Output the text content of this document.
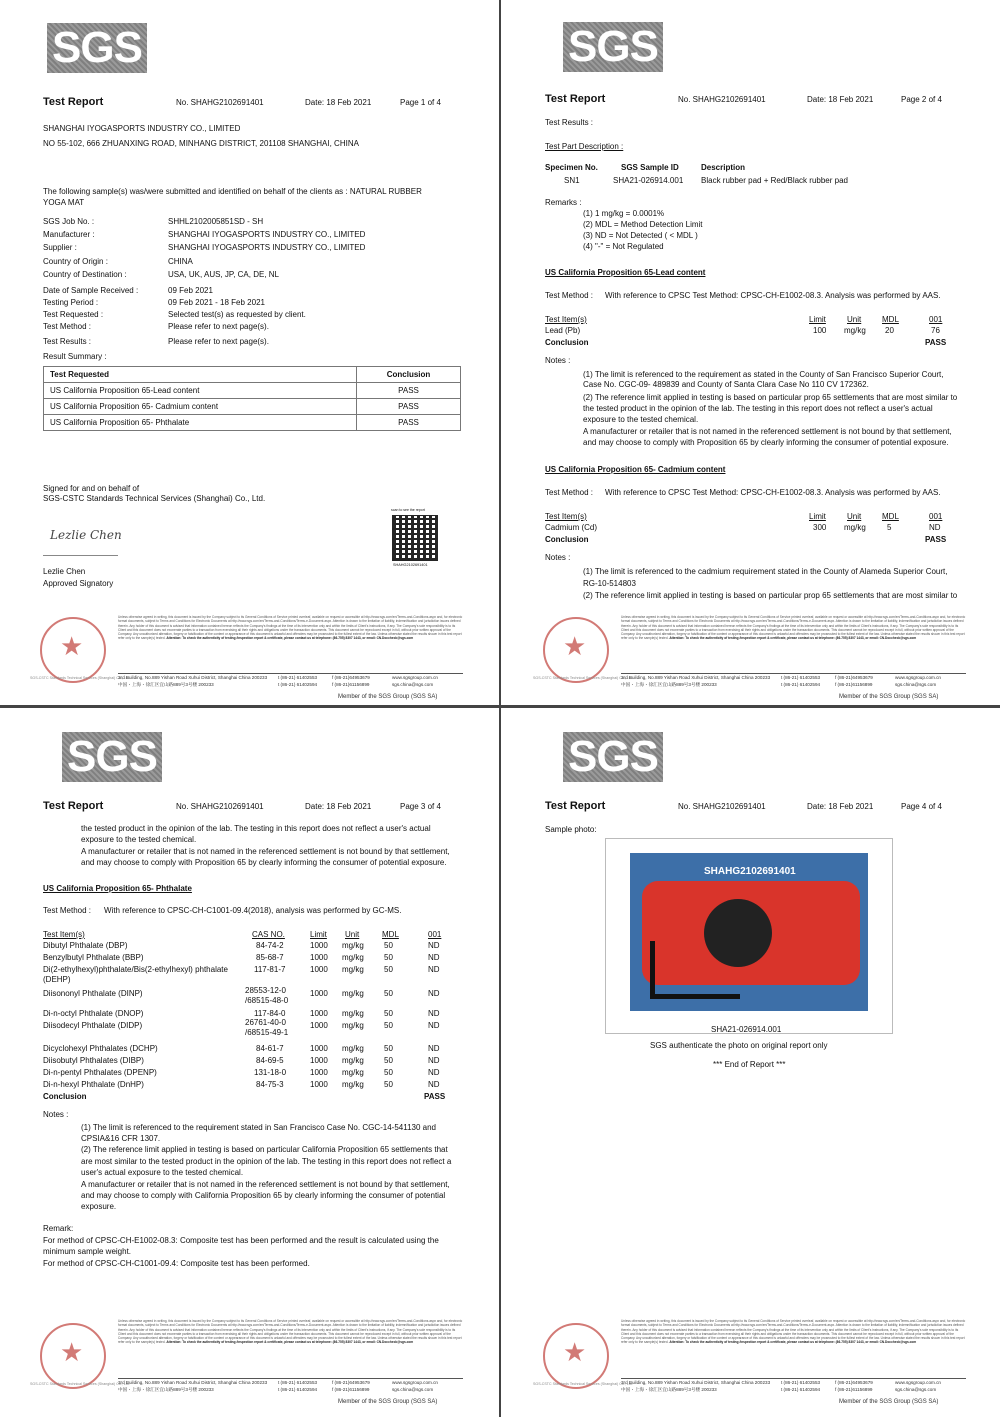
SGS
Test Report	No. SHAHG2102691401	Date: 18 Feb 2021	Page 1 of 4
SHANGHAI IYOGASPORTS INDUSTRY CO., LIMITED
NO 55-102, 666 ZHUANXING ROAD, MINHANG DISTRICT, 201108 SHANGHAI, CHINA
The following sample(s) was/were submitted and identified on behalf of the clients as : NATURAL RUBBER
YOGA MAT
SGS Job No. :	SHHL2102005851SD - SH
Manufacturer :	SHANGHAI IYOGASPORTS INDUSTRY CO., LIMITED
Supplier :	SHANGHAI IYOGASPORTS INDUSTRY CO., LIMITED
Country of Origin :	CHINA
Country of Destination :	USA, UK, AUS, JP, CA, DE, NL
Date of Sample Received :	09 Feb 2021
Testing Period :	09 Feb 2021 - 18 Feb 2021
Test Requested :	Selected test(s) as requested by client.
Test Method :	Please refer to next page(s).
Test Results :	Please refer to next page(s).
Result Summary :
Test Requested	Conclusion
US California Proposition 65-Lead content	PASS
US California Proposition 65- Cadmium content	PASS
US California Proposition 65- Phthalate	PASS
Signed for and on behalf of
SGS-CSTC Standards Technical Services (Shanghai) Co., Ltd.
Lezlie Chen
Lezlie Chen
Approved Signatory
scan to see the report
SHAHG2102691401
★
Unless otherwise agreed in writing, this document is issued by the Company subject to its General Conditions of Service printed overleaf, available on request or accessible at http://www.sgs.com/en/Terms-and-Conditions.aspx and, for electronic format documents, subject to Terms and Conditions for Electronic Documents at http://www.sgs.com/en/Terms-and-Conditions/Terms-e-Document.aspx. Attention is drawn to the limitation of liability, indemnification and jurisdiction issues defined therein. Any holder of this document is advised that information contained hereon reflects the Company's findings at the time of its intervention only and within the limits of Client's instructions, if any. The Company's sole responsibility is to its Client and this document does not exonerate parties to a transaction from exercising all their rights and obligations under the transaction documents. This document cannot be reproduced except in full, without prior written approval of the Company. Any unauthorized alteration, forgery or falsification of the content or appearance of this document is unlawful and offenders may be prosecuted to the fullest extent of the law. Unless otherwise stated the results shown in this test report refer only to the sample(s) tested. Attention: To check the authenticity of testing /inspection report & certificate, please contact us at telephone: (86-755) 8307 1443, or email: CN.Doccheck@sgs.com
SGS-CSTC Standards Technical Services (Shanghai) Co., Ltd.
3rd Building, No.889 Yishan Road Xuhui District, Shanghai China 200233
中国・上海・徐汇区宜山路889号3号楼 200233
t (86-21) 61402553
t (86-21) 61402594
f (86-21)64953679
f (86-21)61156899
www.sgsgroup.com.cn
sgs.china@sgs.com
Member of the SGS Group (SGS SA)
SGS
Test Report	No. SHAHG2102691401	Date: 18 Feb 2021	Page 2 of 4
Test Results :
Test Part Description :
Specimen No.	SGS Sample ID	Description
SN1	SHA21-026914.001 Black rubber pad + Red/Black rubber pad
Remarks :
(1) 1 mg/kg = 0.0001%
(2) MDL = Method Detection Limit
(3) ND = Not Detected ( < MDL )
(4) "-" = Not Regulated
US California Proposition 65-Lead content
Test Method : With reference to CPSC Test Method: CPSC-CH-E1002-08.3. Analysis was performed by AAS.
Test Item(s)	Limit	Unit	MDL	001
Lead (Pb)	100 mg/kg 20	76
Conclusion	PASS
Notes :
(1) The limit is referenced to the requirement as stated in the County of San Francisco Superior Court,
Case No. CGC-09- 489839 and County of Santa Clara Case No 110 CV 172362.
(2) The reference limit applied in testing is based on particular prop 65 settlements that are most similar to
the tested product in the opinion of the lab. The testing in this report does not reflect a user's actual
exposure to the tested chemical.
A manufacturer or retailer that is not named in the referenced settlement is not bound by that settlement,
and may choose to comply with Proposition 65 by clearly informing the consumer of potential exposure.
US California Proposition 65- Cadmium content
Test Method : With reference to CPSC Test Method: CPSC-CH-E1002-08.3. Analysis was performed by AAS.
Test Item(s)	Limit	Unit	MDL	001
Cadmium (Cd)	300 mg/kg	5	ND
Conclusion	PASS
Notes :
(1) The limit is referenced to the cadmium requirement stated in the County of Alameda Superior Court,
RG-10-514803
(2) The reference limit applied in testing is based on particular prop 65 settlements that are most similar to
★
Unless otherwise agreed in writing, this document is issued by the Company subject to its General Conditions of Service printed overleaf, available on request or accessible at http://www.sgs.com/en/Terms-and-Conditions.aspx and, for electronic format documents, subject to Terms and Conditions for Electronic Documents at http://www.sgs.com/en/Terms-and-Conditions/Terms-e-Document.aspx. Attention is drawn to the limitation of liability, indemnification and jurisdiction issues defined therein. Any holder of this document is advised that information contained hereon reflects the Company's findings at the time of its intervention only and within the limits of Client's instructions, if any. The Company's sole responsibility is to its Client and this document does not exonerate parties to a transaction from exercising all their rights and obligations under the transaction documents. This document cannot be reproduced except in full, without prior written approval of the Company. Any unauthorized alteration, forgery or falsification of the content or appearance of this document is unlawful and offenders may be prosecuted to the fullest extent of the law. Unless otherwise stated the results shown in this test report refer only to the sample(s) tested. Attention: To check the authenticity of testing /inspection report & certificate, please contact us at telephone: (86-755) 8307 1443, or email: CN.Doccheck@sgs.com
SGS-CSTC Standards Technical Services (Shanghai) Co., Ltd.
3rd Building, No.889 Yishan Road Xuhui District, Shanghai China 200233
中国・上海・徐汇区宜山路889号3号楼 200233
t (86-21) 61402553
t (86-21) 61402594
f (86-21)64953679
f (86-21)61156899
www.sgsgroup.com.cn
sgs.china@sgs.com
Member of the SGS Group (SGS SA)
SGS
Test Report	No. SHAHG2102691401	Date: 18 Feb 2021	Page 3 of 4
the tested product in the opinion of the lab. The testing in this report does not reflect a user's actual
exposure to the tested chemical.
A manufacturer or retailer that is not named in the referenced settlement is not bound by that settlement,
and may choose to comply with Proposition 65 by clearly informing the consumer of potential exposure.
US California Proposition 65- Phthalate
Test Method : With reference to CPSC-CH-C1001-09.4(2018), analysis was performed by GC-MS.
Test Item(s)	CAS NO.	Limit Unit	MDL	001
Dibutyl Phthalate (DBP)	84-74-2	1000 mg/kg	50	ND
Benzylbutyl Phthalate (BBP)	85-68-7	1000 mg/kg	50	ND
Di(2-ethylhexyl)phthalate/Bis(2-ethylhexyl) phthalate
(DEHP)
117-81-7	1000 mg/kg	50	ND
Diisononyl Phthalate (DINP)	28553-12-0
/68515-48-0
1000 mg/kg	50	ND
Di-n-octyl Phthalate (DNOP)	117-84-0	1000 mg/kg	50	ND
Diisodecyl Phthalate (DIDP)	26761-40-0
/68515-49-1
1000 mg/kg	50	ND
Dicyclohexyl Phthalates (DCHP)	84-61-7	1000 mg/kg	50	ND
Diisobutyl Phthalates (DIBP)	84-69-5	1000 mg/kg	50	ND
Di-n-pentyl Phthalates (DPENP)	131-18-0	1000 mg/kg	50	ND
Di-n-hexyl Phthalate (DnHP)	84-75-3	1000 mg/kg	50	ND
Conclusion	PASS
Notes :
(1) The limit is referenced to the requirement stated in San Francisco Case No. CGC-14-541130 and
CPSIA&16 CFR 1307.
(2) The reference limit applied in testing is based on particular California Proposition 65 settlements that
are most similar to the tested product in the opinion of the lab. The testing in this report does not reflect a
user's actual exposure to the tested chemical.
A manufacturer or retailer that is not named in the referenced settlement is not bound by that settlement,
and may choose to comply with California Proposition 65 by clearly informing the consumer of potential
exposure.
Remark:
For method of CPSC-CH-E1002-08.3: Composite test has been performed and the result is calculated using the
minimum sample weight.
For method of CPSC-CH-C1001-09.4: Composite test has been performed.
★
Unless otherwise agreed in writing, this document is issued by the Company subject to its General Conditions of Service printed overleaf, available on request or accessible at http://www.sgs.com/en/Terms-and-Conditions.aspx and, for electronic format documents, subject to Terms and Conditions for Electronic Documents at http://www.sgs.com/en/Terms-and-Conditions/Terms-e-Document.aspx. Attention is drawn to the limitation of liability, indemnification and jurisdiction issues defined therein. Any holder of this document is advised that information contained hereon reflects the Company's findings at the time of its intervention only and within the limits of Client's instructions, if any. The Company's sole responsibility is to its Client and this document does not exonerate parties to a transaction from exercising all their rights and obligations under the transaction documents. This document cannot be reproduced except in full, without prior written approval of the Company. Any unauthorized alteration, forgery or falsification of the content or appearance of this document is unlawful and offenders may be prosecuted to the fullest extent of the law. Unless otherwise stated the results shown in this test report refer only to the sample(s) tested. Attention: To check the authenticity of testing /inspection report & certificate, please contact us at telephone: (86-755) 8307 1443, or email: CN.Doccheck@sgs.com
SGS-CSTC Standards Technical Services (Shanghai) Co., Ltd.
3rd Building, No.889 Yishan Road Xuhui District, Shanghai China 200233
中国・上海・徐汇区宜山路889号3号楼 200233
t (86-21) 61402553
t (86-21) 61402594
f (86-21)64953679
f (86-21)61156899
www.sgsgroup.com.cn
sgs.china@sgs.com
Member of the SGS Group (SGS SA)
SGS
Test Report	No. SHAHG2102691401	Date: 18 Feb 2021	Page 4 of 4
Sample photo:
SHAHG2102691401
SHA21-026914.001
SGS authenticate the photo on original report only
*** End of Report ***
★
Unless otherwise agreed in writing, this document is issued by the Company subject to its General Conditions of Service printed overleaf, available on request or accessible at http://www.sgs.com/en/Terms-and-Conditions.aspx and, for electronic format documents, subject to Terms and Conditions for Electronic Documents at http://www.sgs.com/en/Terms-and-Conditions/Terms-e-Document.aspx. Attention is drawn to the limitation of liability, indemnification and jurisdiction issues defined therein. Any holder of this document is advised that information contained hereon reflects the Company's findings at the time of its intervention only and within the limits of Client's instructions, if any. The Company's sole responsibility is to its Client and this document does not exonerate parties to a transaction from exercising all their rights and obligations under the transaction documents. This document cannot be reproduced except in full, without prior written approval of the Company. Any unauthorized alteration, forgery or falsification of the content or appearance of this document is unlawful and offenders may be prosecuted to the fullest extent of the law. Unless otherwise stated the results shown in this test report refer only to the sample(s) tested. Attention: To check the authenticity of testing /inspection report & certificate, please contact us at telephone: (86-755) 8307 1443, or email: CN.Doccheck@sgs.com
SGS-CSTC Standards Technical Services (Shanghai) Co., Ltd.
3rd Building, No.889 Yishan Road Xuhui District, Shanghai China 200233
中国・上海・徐汇区宜山路889号3号楼 200233
t (86-21) 61402553
t (86-21) 61402594
f (86-21)64953679
f (86-21)61156899
www.sgsgroup.com.cn
sgs.china@sgs.com
Member of the SGS Group (SGS SA)
